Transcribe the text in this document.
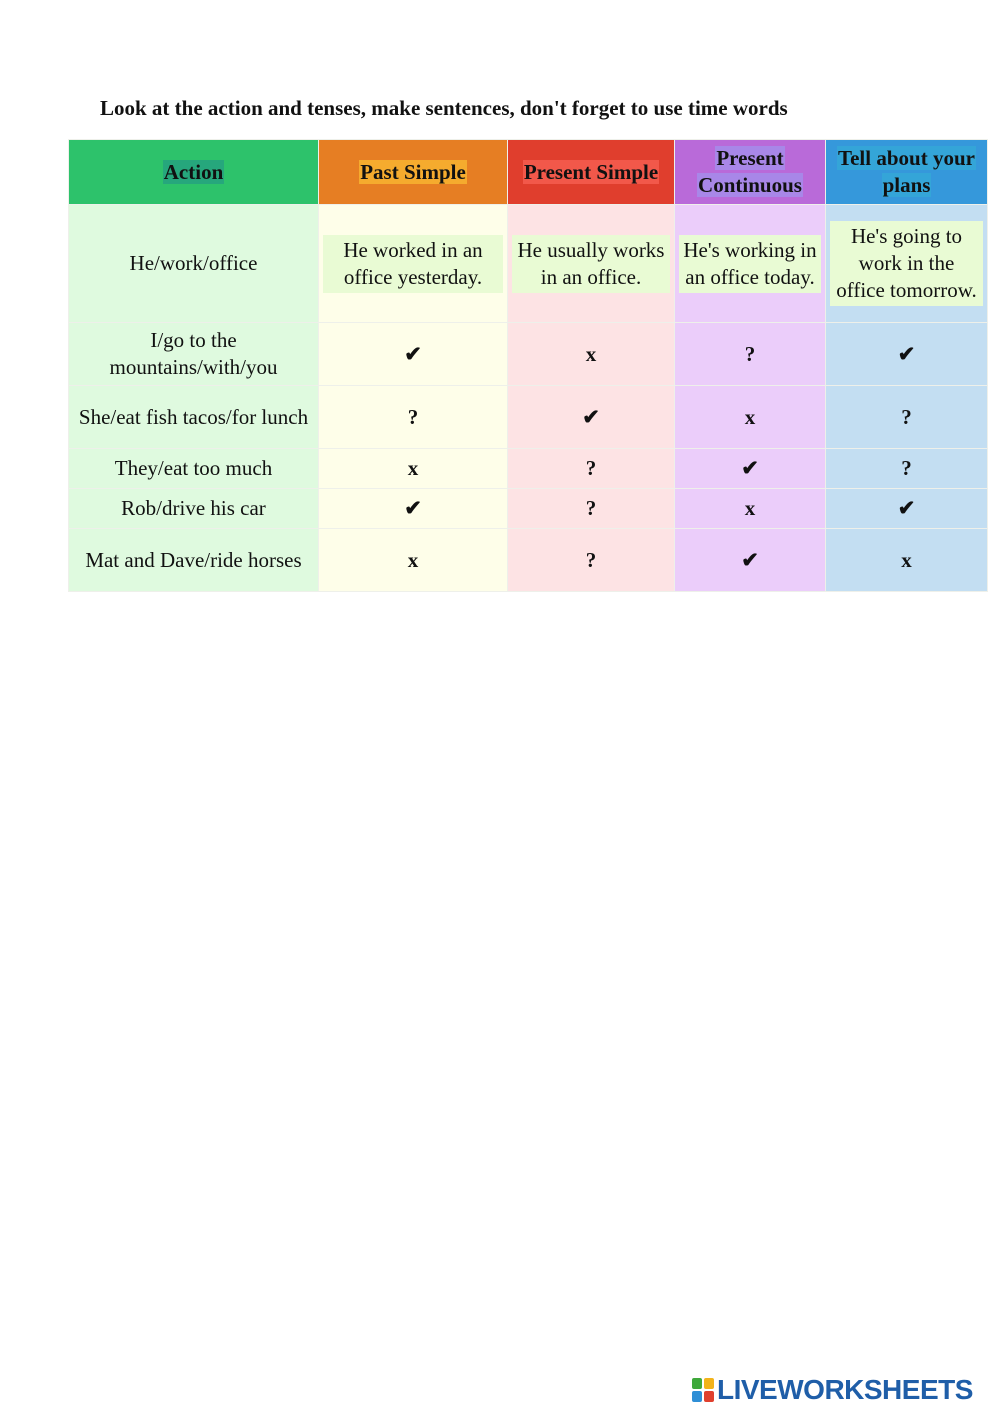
Look at the action and tenses, make sentences, don't forget to use time words
Action	Past Simple	Present Simple	Present Continuous	Tell about your plans
He/work/office	He worked in an office yesterday.	He usually works in an office.	He's working in an office today.	He's going to work in the office tomorrow.
I/go to the mountains/with/you	✔	x	?	✔
She/eat fish tacos/for lunch	?	✔	x	?
They/eat too much	x	?	✔	?
Rob/drive his car	✔	?	x	✔
Mat and Dave/ride horses	x	?	✔	x
LIVEWORKSHEETS
